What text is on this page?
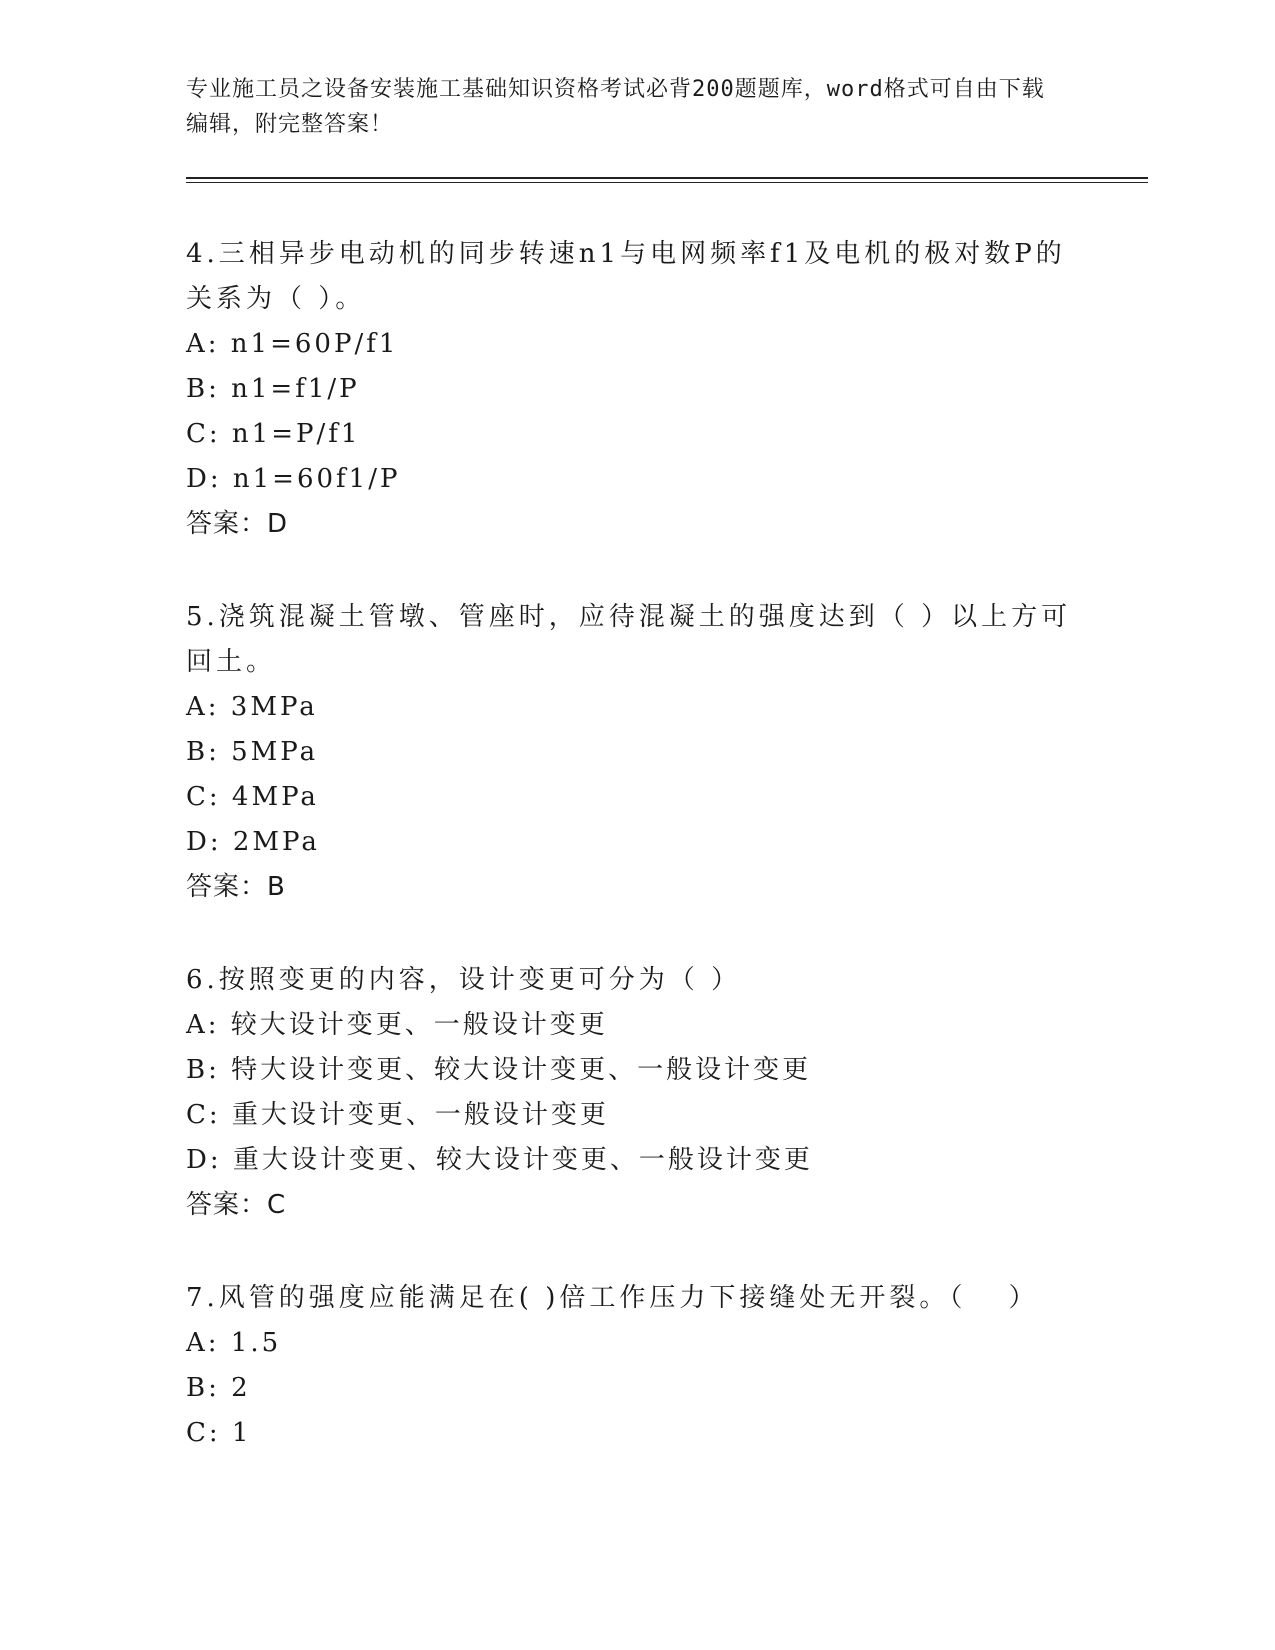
专业施工员之设备安装施工基础知识资格考试必背200题题库，word格式可自由下载编辑，附完整答案！
4.三相异步电动机的同步转速n1与电网频率f1及电机的极对数P的关系为（ ）。
A: n1=60P/f1
B: n1=f1/P
C: n1=P/f1
D: n1=60f1/P
答案：D
5.浇筑混凝土管墩、管座时，应待混凝土的强度达到（ ）以上方可回土。
A: 3MPa
B: 5MPa
C: 4MPa
D: 2MPa
答案：B
6.按照变更的内容，设计变更可分为（ ）
A: 较大设计变更、一般设计变更
B: 特大设计变更、较大设计变更、一般设计变更
C: 重大设计变更、一般设计变更
D: 重大设计变更、较大设计变更、一般设计变更
答案：C
7.风管的强度应能满足在( )倍工作压力下接缝处无开裂。（　 ）
A: 1.5
B: 2
C: 1
